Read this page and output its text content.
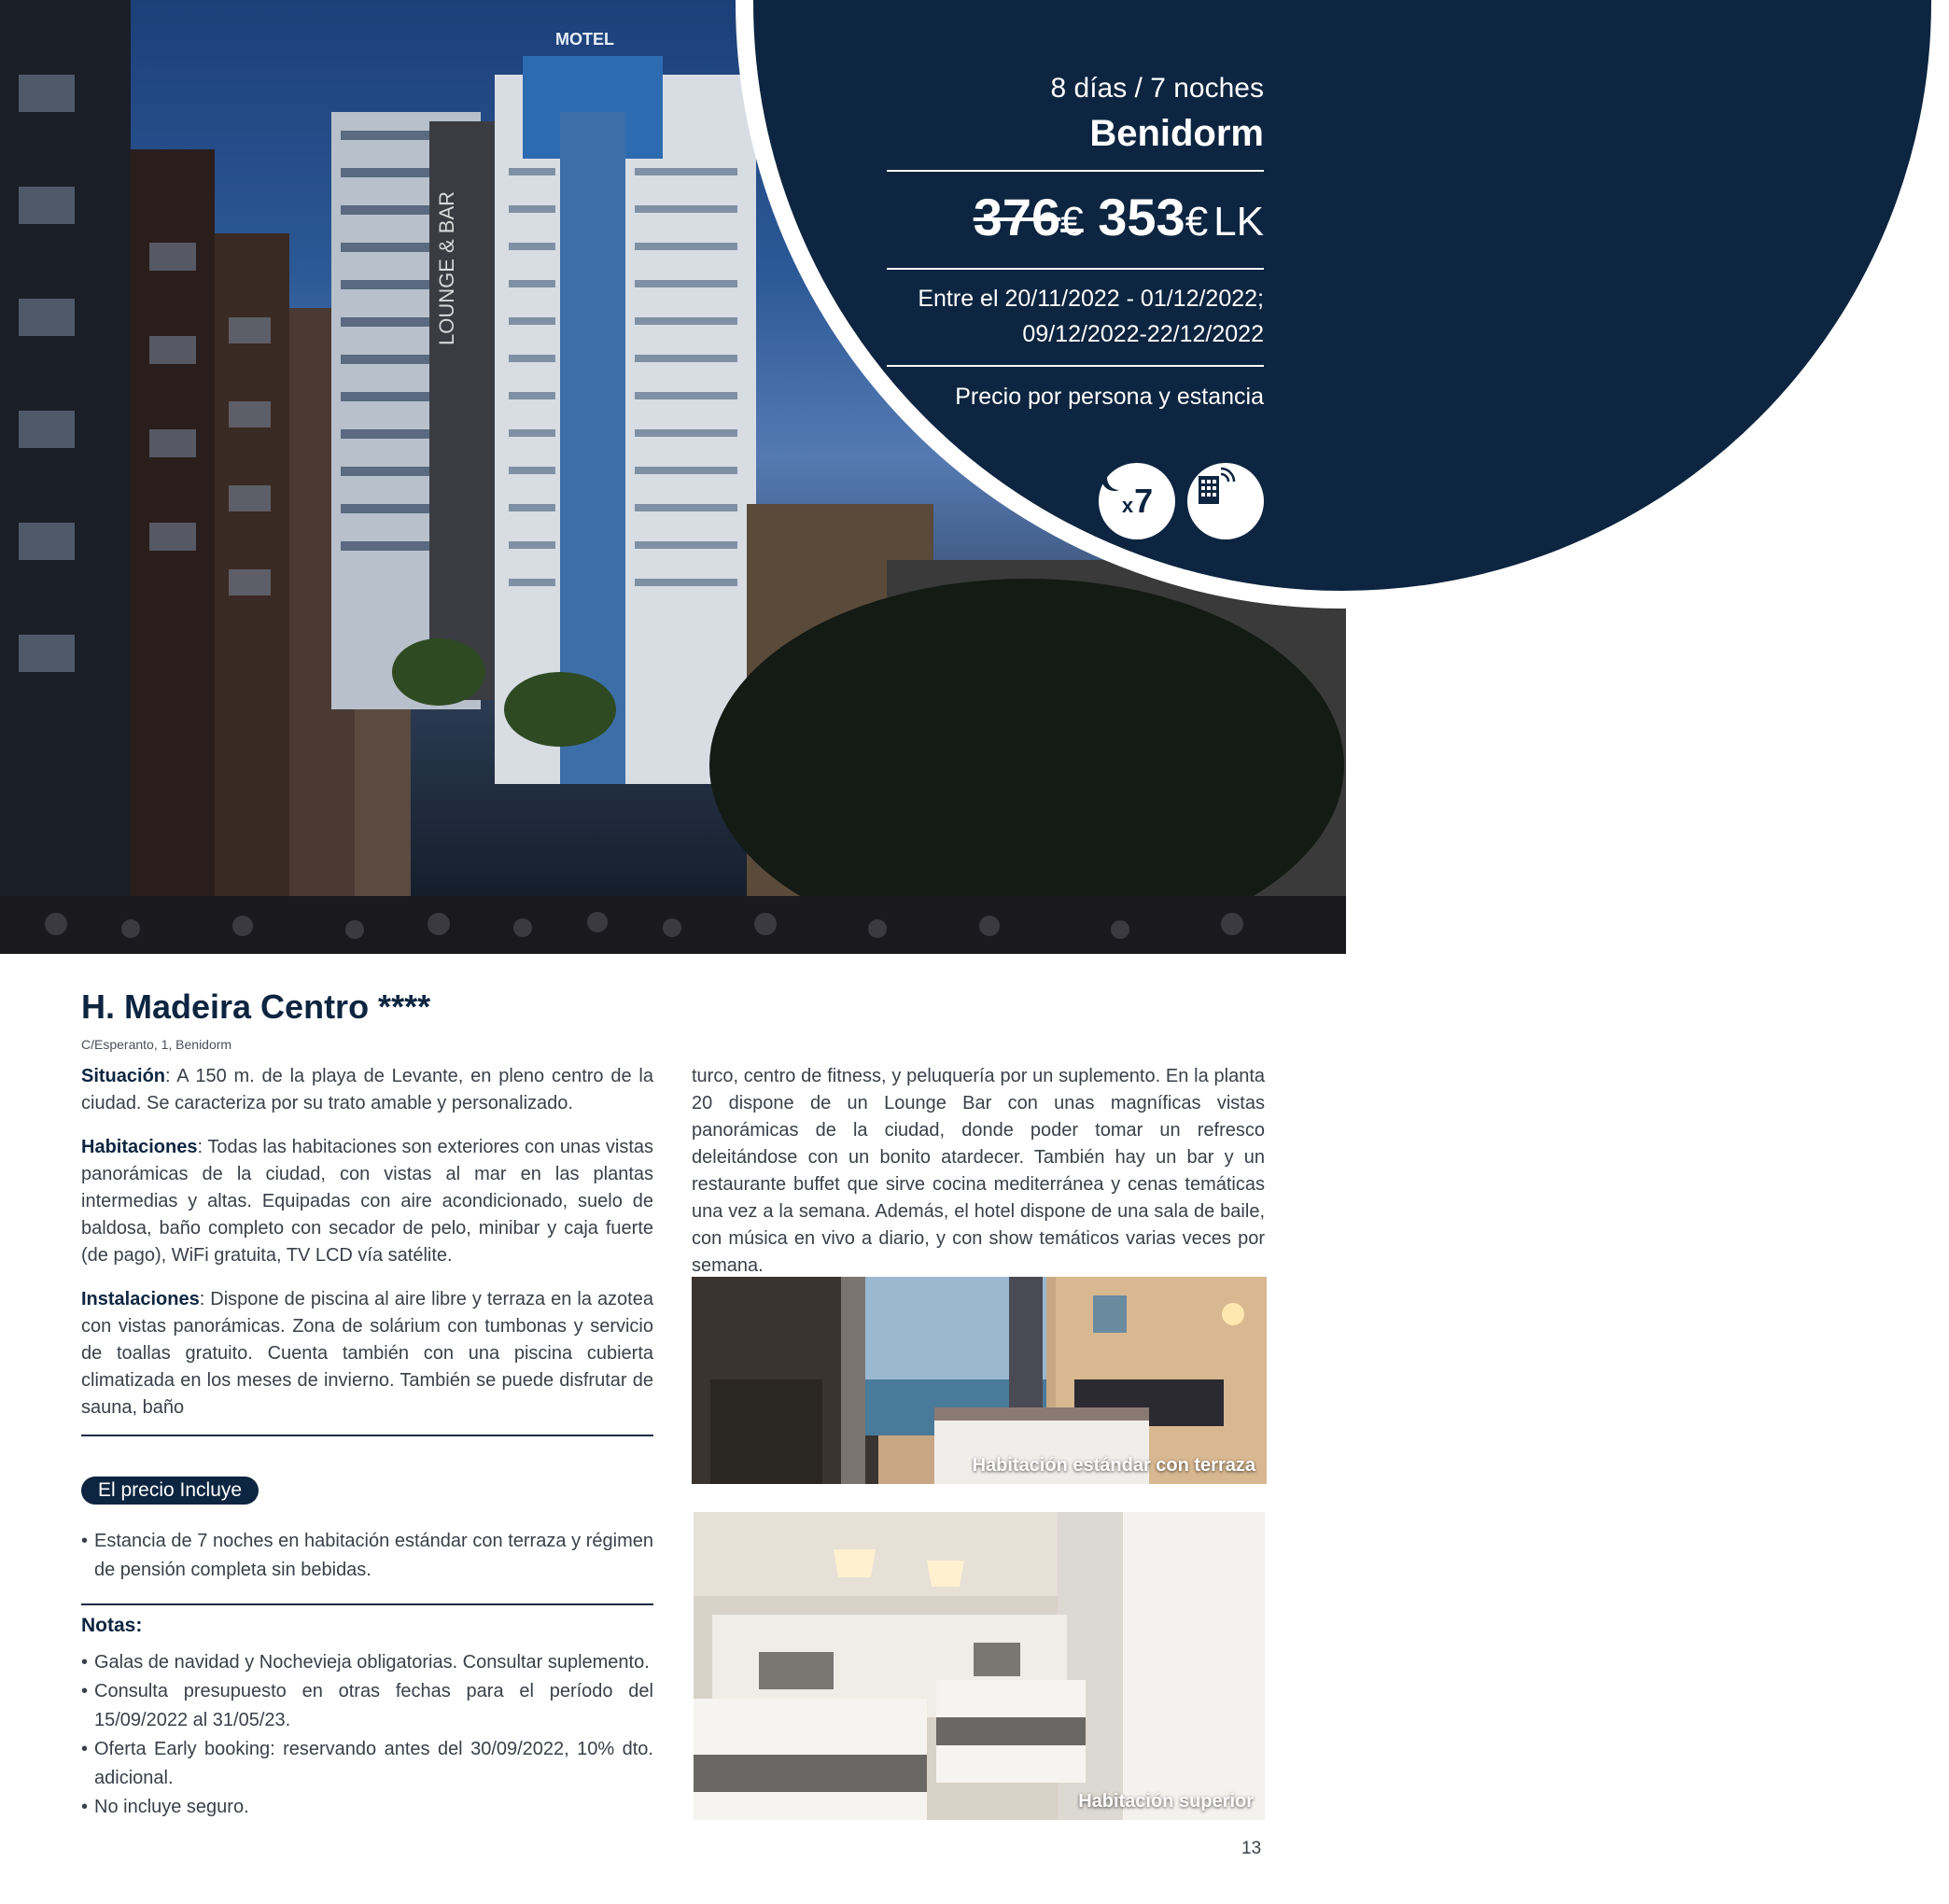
LOUNGE & BAR
MOTEL
8 días / 7 noches
Benidorm
376€ 353€ LK
Entre el 20/11/2022 - 01/12/2022;
09/12/2022-22/12/2022
Precio por persona y estancia
x 7
H. Madeira Centro ****
C/Esperanto, 1, Benidorm

Situación: A 150 m. de la playa de Levante, en pleno centro de la ciudad. Se caracteriza por su trato amable y personalizado.

Habitaciones: Todas las habitaciones son exteriores con unas vistas panorámicas de la ciudad, con vistas al mar en las plantas intermedias y altas. Equipadas con aire acondicionado, suelo de baldosa, baño completo con secador de pelo, minibar y caja fuerte (de pago), WiFi gratuita, TV LCD vía satélite.

Instalaciones: Dispone de piscina al aire libre y terraza en la azotea con vistas panorámicas. Zona de solárium con tumbonas y servicio de toallas gratuito. Cuenta también con una piscina cubierta climatizada en los meses de invierno. También se puede disfrutar de sauna, baño

turco, centro de fitness, y peluquería por un suplemento. En la planta 20 dispone de un Lounge Bar con unas magníficas vistas panorámicas de la ciudad, donde poder tomar un refresco deleitándose con un bonito atardecer. También hay un bar y un restaurante buffet que sirve cocina mediterránea y cenas temáticas una vez a la semana. Además, el hotel dispone de una sala de baile, con música en vivo a diario, y con show temáticos varias veces por semana.

El precio Incluye
• Estancia de 7 noches en habitación estándar con terraza y régimen de pensión completa sin bebidas.
Notas:
• Galas de navidad y Nochevieja obligatorias. Consultar suplemento.
• Consulta presupuesto en otras fechas para el período del 15/09/2022 al 31/05/23.
• Oferta Early booking: reservando antes del 30/09/2022, 10% dto. adicional.
• No incluye seguro.
Habitación estándar con terraza
Habitación superior
13
